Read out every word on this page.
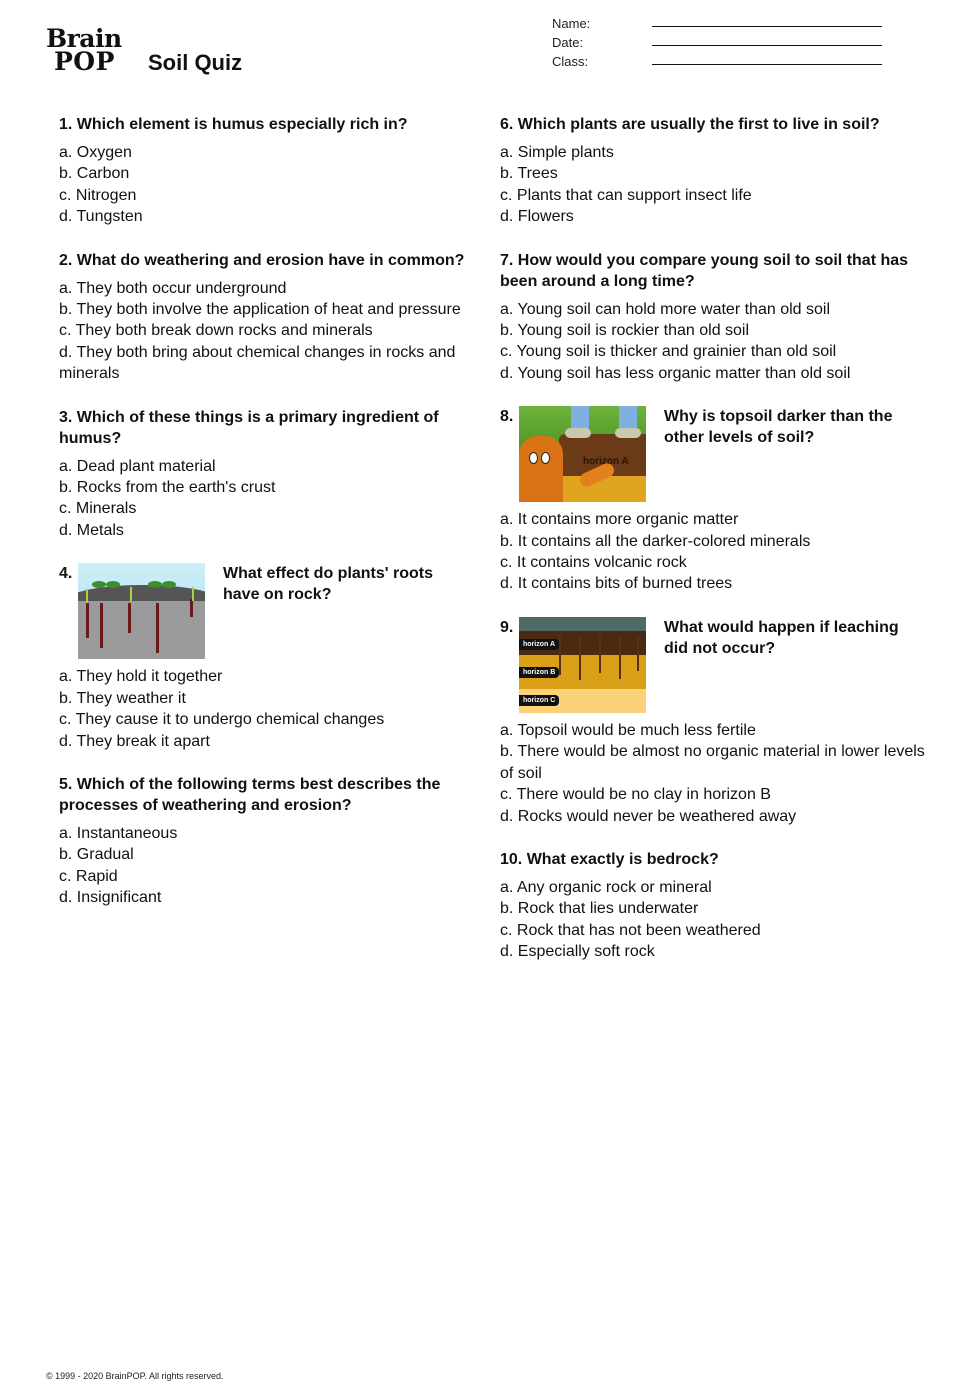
Brain
POP	Soil Quiz
Name:
Date:
Class:
1. Which element is humus especially rich in?
a. Oxygen
b. Carbon
c. Nitrogen
d. Tungsten
2. What do weathering and erosion have in common?
a. They both occur underground
b. They both involve the application of heat and pressure
c. They both break down rocks and minerals
d. They both bring about chemical changes in rocks and minerals
3. Which of these things is a primary ingredient of humus?
a. Dead plant material
b. Rocks from the earth's crust
c. Minerals
d. Metals
4.	What effect do plants' roots have on rock?
a. They hold it together
b. They weather it
c. They cause it to undergo chemical changes
d. They break it apart
5. Which of the following terms best describes the processes of weathering and erosion?
a. Instantaneous
b. Gradual
c. Rapid
d. Insignificant
6. Which plants are usually the first to live in soil?
a. Simple plants
b. Trees
c. Plants that can support insect life
d. Flowers
7. How would you compare young soil to soil that has been around a long time?
a. Young soil can hold more water than old soil
b. Young soil is rockier than old soil
c. Young soil is thicker and grainier than old soil
d. Young soil has less organic matter than old soil
8.
horizon A
Why is topsoil darker than the other levels of soil?
a. It contains more organic matter
b. It contains all the darker-colored minerals
c. It contains volcanic rock
d. It contains bits of burned trees
9.
horizon A
horizon B
horizon C
What would happen if leaching did not occur?
a. Topsoil would be much less fertile
b. There would be almost no organic material in lower levels of soil
c. There would be no clay in horizon B
d. Rocks would never be weathered away
10. What exactly is bedrock?
a. Any organic rock or mineral
b. Rock that lies underwater
c. Rock that has not been weathered
d. Especially soft rock
© 1999 - 2020 BrainPOP. All rights reserved.
